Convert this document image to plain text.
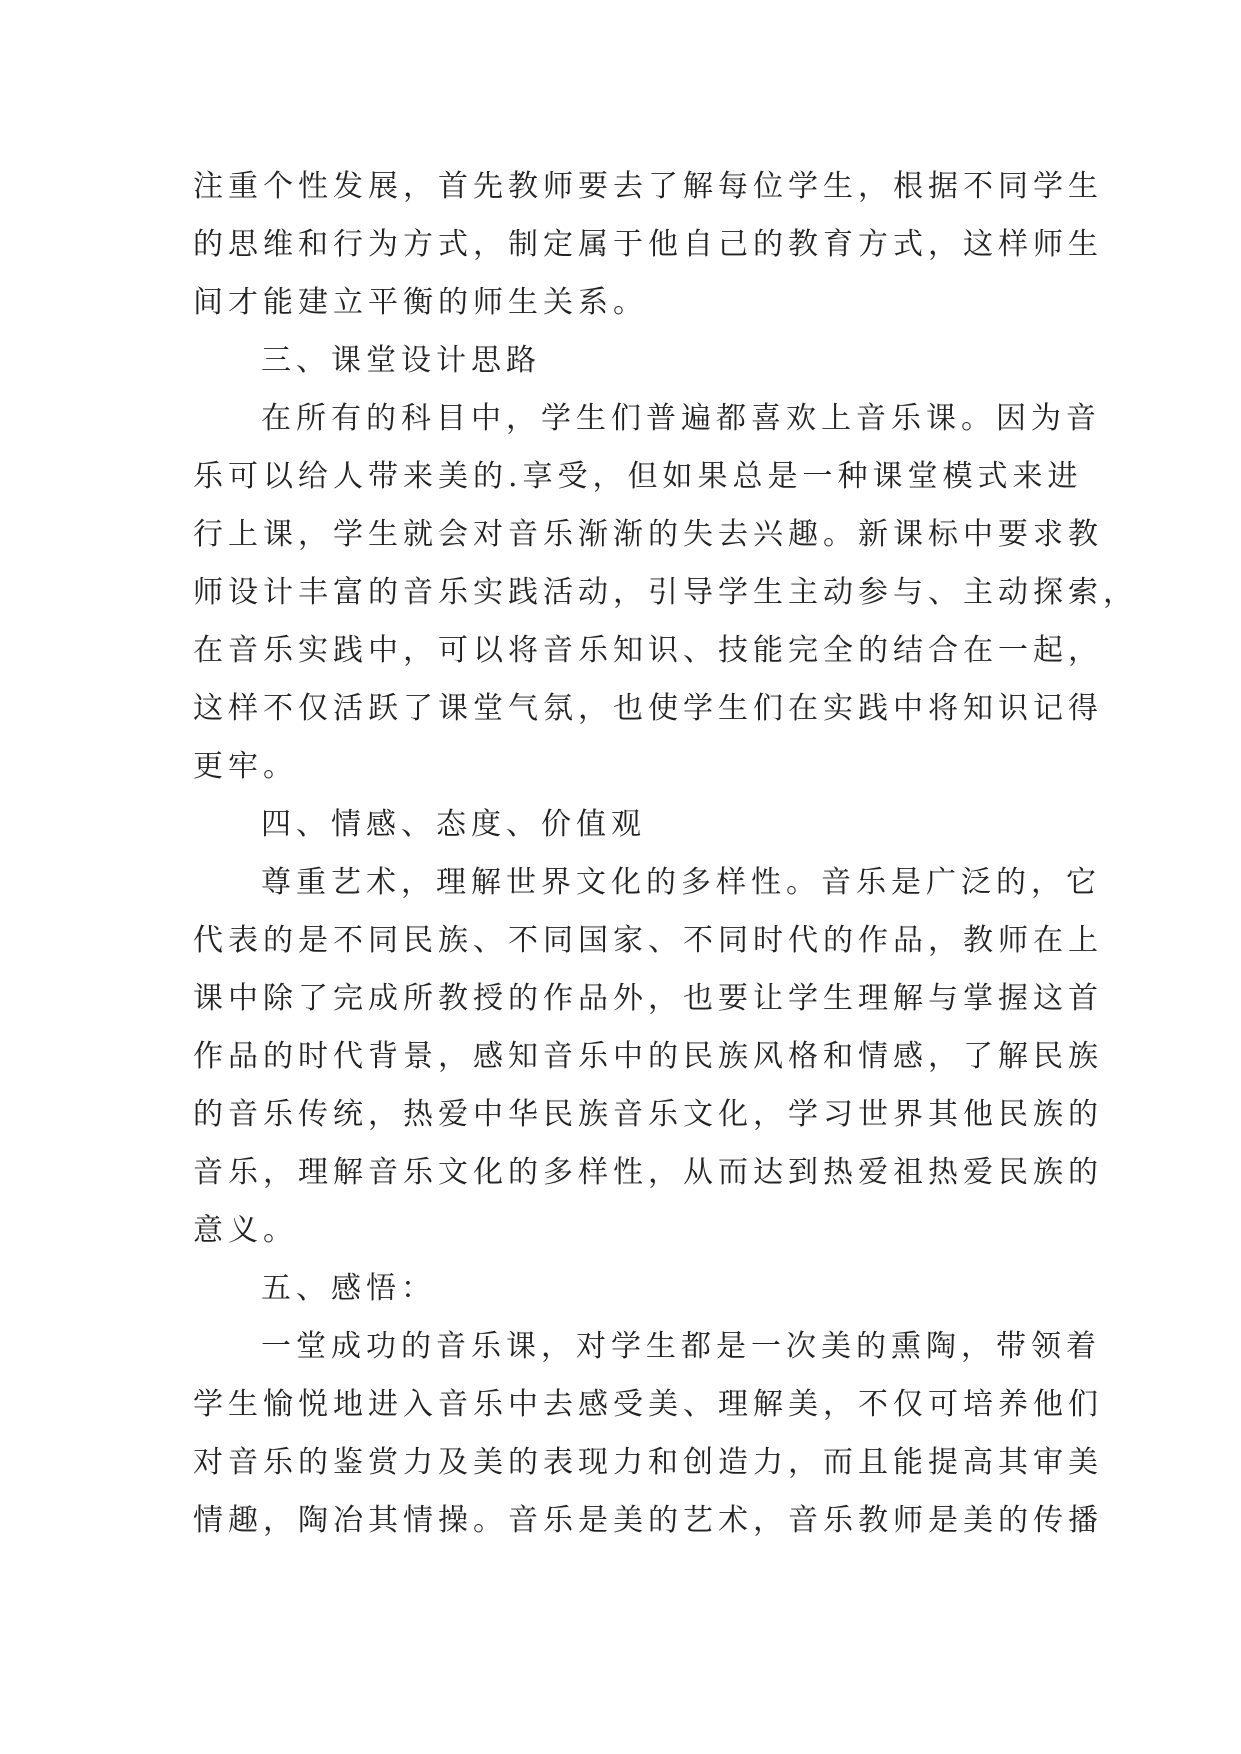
注重个性发展，首先教师要去了解每位学生，根据不同学生
的思维和行为方式，制定属于他自己的教育方式，这样师生
间才能建立平衡的师生关系。
三、课堂设计思路
在所有的科目中，学生们普遍都喜欢上音乐课。因为音
乐可以给人带来美的.享受，但如果总是一种课堂模式来进
行上课，学生就会对音乐渐渐的失去兴趣。新课标中要求教
师设计丰富的音乐实践活动，引导学生主动参与、主动探索，
在音乐实践中，可以将音乐知识、技能完全的结合在一起，
这样不仅活跃了课堂气氛，也使学生们在实践中将知识记得
更牢。
四、情感、态度、价值观
尊重艺术，理解世界文化的多样性。音乐是广泛的，它
代表的是不同民族、不同国家、不同时代的作品，教师在上
课中除了完成所教授的作品外，也要让学生理解与掌握这首
作品的时代背景，感知音乐中的民族风格和情感，了解民族
的音乐传统，热爱中华民族音乐文化，学习世界其他民族的
音乐，理解音乐文化的多样性，从而达到热爱祖热爱民族的
意义。
五、感悟：
一堂成功的音乐课，对学生都是一次美的熏陶，带领着
学生愉悦地进入音乐中去感受美、理解美，不仅可培养他们
对音乐的鉴赏力及美的表现力和创造力，而且能提高其审美
情趣，陶冶其情操。音乐是美的艺术，音乐教师是美的传播
